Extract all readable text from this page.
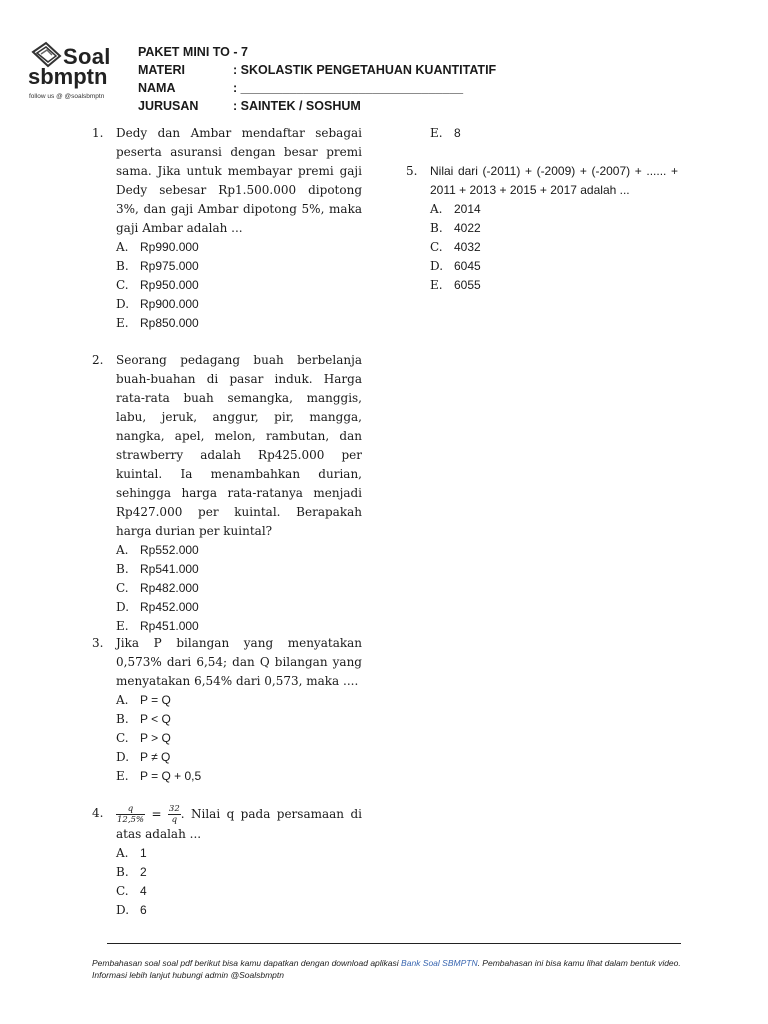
Soal
sbmptn
follow us @ @soalsbmptn
PAKET MINI TO - 7
MATERI	: SKOLASTIK PENGETAHUAN KUANTITATIF
NAMA	: ________________________________
JURUSAN	: SAINTEK / SOSHUM
1. Dedy dan Ambar mendaftar sebagai peserta asuransi dengan besar premi sama. Jika untuk membayar premi gaji Dedy sebesar Rp1.500.000 dipotong 3%, dan gaji Ambar dipotong 5%, maka gaji Ambar adalah ...
A. Rp990.000
B. Rp975.000
C. Rp950.000
D. Rp900.000
E. Rp850.000
2. Seorang pedagang buah berbelanja buah-buahan di pasar induk. Harga rata-rata buah semangka, manggis, labu, jeruk, anggur, pir, mangga, nangka, apel, melon, rambutan, dan strawberry adalah Rp425.000 per kuintal. Ia menambahkan durian, sehingga harga rata-ratanya menjadi Rp427.000 per kuintal. Berapakah harga durian per kuintal?
A. Rp552.000
B. Rp541.000
C. Rp482.000
D. Rp452.000
E. Rp451.000
3. Jika P bilangan yang menyatakan 0,573% dari 6,54; dan Q bilangan yang menyatakan 6,54% dari 0,573, maka ....
A. P = Q
B. P < Q
C. P > Q
D. P ≠ Q
E. P = Q + 0,5
4. $\frac{q}{12,5\%} = \frac{32}{q}$ . Nilai q pada persamaan di atas adalah ...
A. 1
B. 2
C. 4
D. 6
E. 8
5. Nilai dari (-2011) + (-2009) + (-2007) + ...... + 2011 + 2013 + 2015 + 2017 adalah ...
A. 2014
B. 4022
C. 4032
D. 6045
E. 6055
Pembahasan soal soal pdf berikut bisa kamu dapatkan dengan download aplikasi Bank Soal SBMPTN. Pembahasan ini bisa kamu lihat dalam bentuk video. Informasi lebih lanjut hubungi admin @Soalsbmptn
